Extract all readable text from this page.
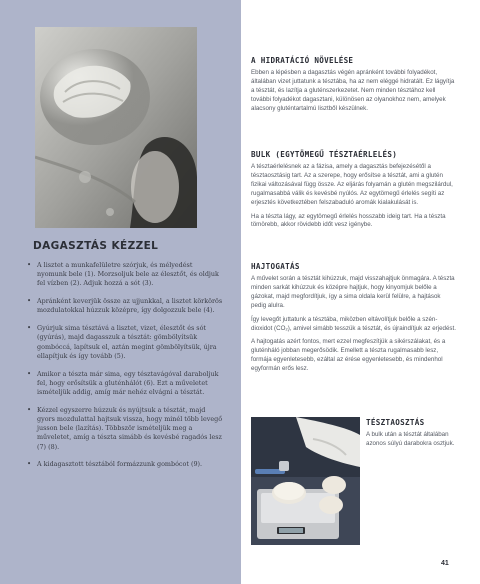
DAGASZTÁS KÉZZEL
• A lisztet a munkafelületre szórjuk, és mélyedést nyomunk bele (1). Morzsoljuk bele az élesztőt, és oldjuk fel vízben (2). Adjuk hozzá a sót (3).
• Apránként keverjük össze az ujjunkkal, a lisztet körkörös mozdulatokkal húzzuk középre, így dolgozzuk bele (4).
• Gyúrjuk sima tésztává a lisztet, vizet, élesztőt és sót (gyúrás), majd dagasszuk a tésztát: gömbölyítsük gombóccá, lapítsuk el, aztán megint gömbölyítsük, újra ellapítjuk és így tovább (5).
• Amikor a tészta már sima, egy tésztavágóval daraboljuk fel, hogy erősítsük a gluténhálót (6). Ezt a műveletet ismételjük addig, amíg már nehéz elvágni a tésztát.
• Kézzel egyszerre húzzuk és nyújtsuk a tésztát, majd gyors mozdulattal hajtsuk vissza, hogy minél több levegő jusson bele (lazítás). Többször ismételjük meg a műveletet, amíg a tészta simább és kevésbé ragadós lesz (7) (8).
• A kidagasztott tésztából formázzunk gombócot (9).
A HIDRATÁCIÓ NÖVELÉSE

Ebben a lépésben a dagasztás végén apránként további folyadékot, általában vizet juttatunk a tésztába, ha az nem eléggé hidratált. Ez lágyítja a tésztát, és lazítja a gluténszerkezetet. Nem minden tésztához kell további folyadékot dagasztani, különösen az olyanokhoz nem, amelyek alacsony gluténtartalmú lisztből készülnek.

BULK (EGYTÖMEGŰ TÉSZTAÉRLELÉS)

A tésztaérlelésnek az a fázisa, amely a dagasztás befejezésétől a tésztaosztásig tart. Az a szerepe, hogy erősítse a tésztát, ami a glutén fizikai változásával függ össze. Az eljárás folyamán a glutén megszilárdul, rugalmasabbá válik és kevésbé nyúlós. Az egytömegű érlelés segíti az erjesztés következtében felszabaduló aromák kialakulását is.

Ha a tészta lágy, az egytömegű érlelés hosszabb ideig tart. Ha a tészta tömörebb, akkor rövidebb időt vesz igénybe.

HAJTOGATÁS

A művelet során a tésztát kihúzzuk, majd visszahajtjuk önmagára. A tészta minden sarkát kihúzzuk és középre hajtjuk, hogy kinyomjuk belőle a gázokat, majd megfordítjuk, így a sima oldala kerül felülre, a hajtások pedig alulra.

Így levegőt juttatunk a tésztába, miközben eltávolítjuk belőle a szén-dioxidot (CO₂), amivel simább tesszük a tésztát, és újraindítjuk az erjedést.

A hajtogatás azért fontos, mert ezzel megfeszítjük a sikérszálakat, és a gluténháló jobban megerősödik. Emellett a tészta rugalmasabb lesz, formája egyenletesebb, ezáltal az érése egyenletesebb, és mindenhol egyformán erős lesz.

TÉSZTAOSZTÁS

A bulk után a tésztát általában azonos súlyú darabokra osztjuk.

41
